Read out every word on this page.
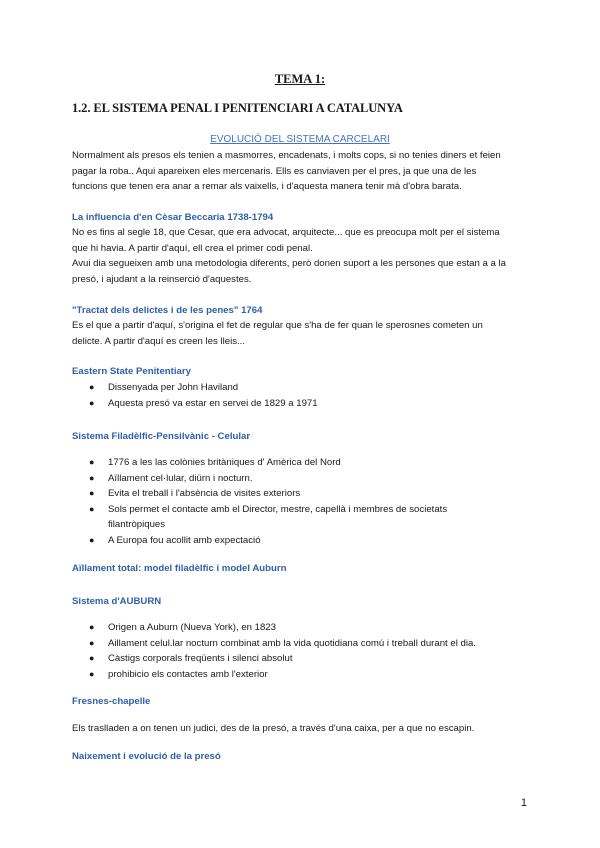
TEMA 1:
1.2. EL SISTEMA PENAL I PENITENCIARI A CATALUNYA
EVOLUCIÓ DEL SISTEMA CARCELARI
Normalment als presos els tenien a masmorres, encadenats, i molts cops, si no tenies diners et feien
pagar la roba.. Aqui apareixen eles mercenaris. Ells es canviaven per el pres, ja que una de les
funcions que tenen era anar a remar als vaixells, i d'aquesta manera tenir mà d'obra barata.
La influencia d'en Cèsar Beccaria 1738-1794
No es fins al segle 18, que Cesar, que era advocat, arquitecte... que es preocupa molt per el sistema
que hi havia. A partir d'aquí, ell crea el primer codi penal.
Avui dia segueixen amb una metodologia diferents, però donen suport a les persones que estan a a la
presó, i ajudant a la reinserció d'aquestes.
"Tractat dels delictes i de les penes" 1764
Es el que a partir d'aquí, s'origina el fet de regular que s'ha de fer quan le sperosnes cometen un
delicte. A partir d'aquí es creen les lleis...
Eastern State Penitentiary
● Dissenyada per John Haviland
● Aquesta presó va estar en servei de 1829 a 1971
Sistema Filadèlfic-Pensilvànic - Celular
● 1776 a les las colònies britàniques d' Amèrica del Nord
● Aïllament cel·lular, diürn i nocturn.
● Evita el treball i l'absència de visites exteriors
● Sols permet el contacte amb el Director, mestre, capellà i membres de societats
filantròpiques
● A Europa fou acollit amb expectació
Aïllament total: model filadèlfic i model Auburn
Sistema d'AUBURN
● Origen a Auburn (Nueva York), en 1823
● Aillament celul.lar nocturn combinat amb la vida quotidiana comú i treball durant el dia.
● Càstigs corporals freqüents i silenci absolut
● prohibicio els contactes amb l'exterior
Fresnes-chapelle
Els traslladen a on tenen un judici, des de la presó, a través d'una caixa, per a que no escapin.
Naixement i evolució de la presó
1
